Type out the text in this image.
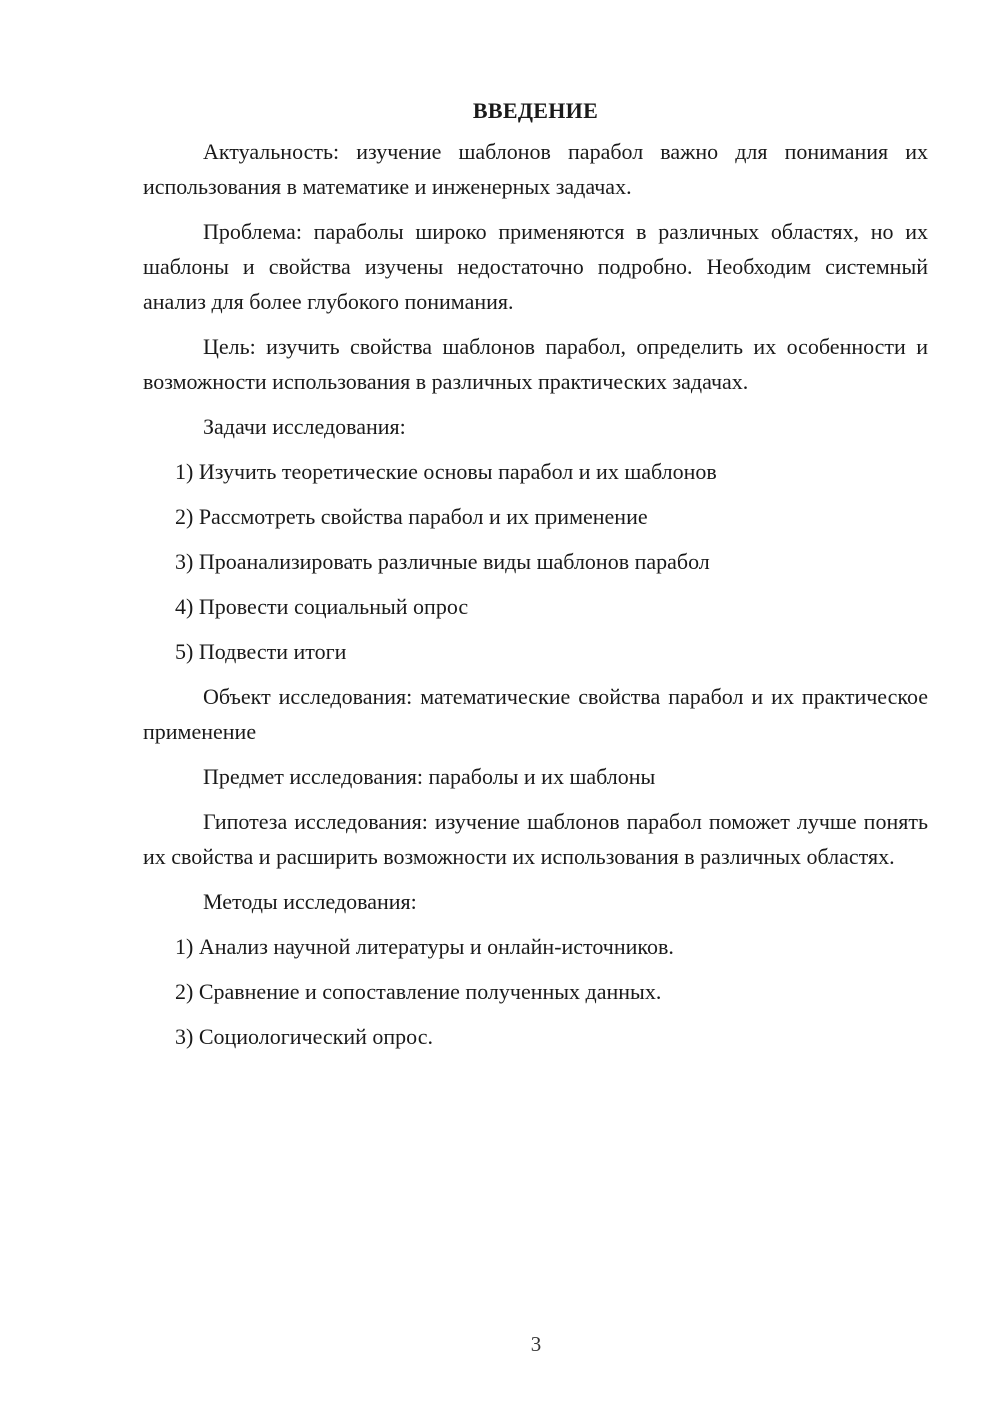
ВВЕДЕНИЕ

Актуальность: изучение шаблонов парабол важно для понимания их использования в математике и инженерных задачах.

Проблема: параболы широко применяются в различных областях, но их шаблоны и свойства изучены недостаточно подробно. Необходим системный анализ для более глубокого понимания.

Цель: изучить свойства шаблонов парабол, определить их особенности и возможности использования в различных практических задачах.

Задачи исследования:

1) Изучить теоретические основы парабол и их шаблонов
2) Рассмотреть свойства парабол и их применение
3) Проанализировать различные виды шаблонов парабол
4) Провести социальный опрос
5) Подвести итоги

Объект исследования: математические свойства парабол и их практическое применение

Предмет исследования: параболы и их шаблоны

Гипотеза исследования: изучение шаблонов парабол поможет лучше понять их свойства и расширить возможности их использования в различных областях.

Методы исследования:

1) Анализ научной литературы и онлайн-источников.
2) Сравнение и сопоставление полученных данных.
3) Социологический опрос.
3
